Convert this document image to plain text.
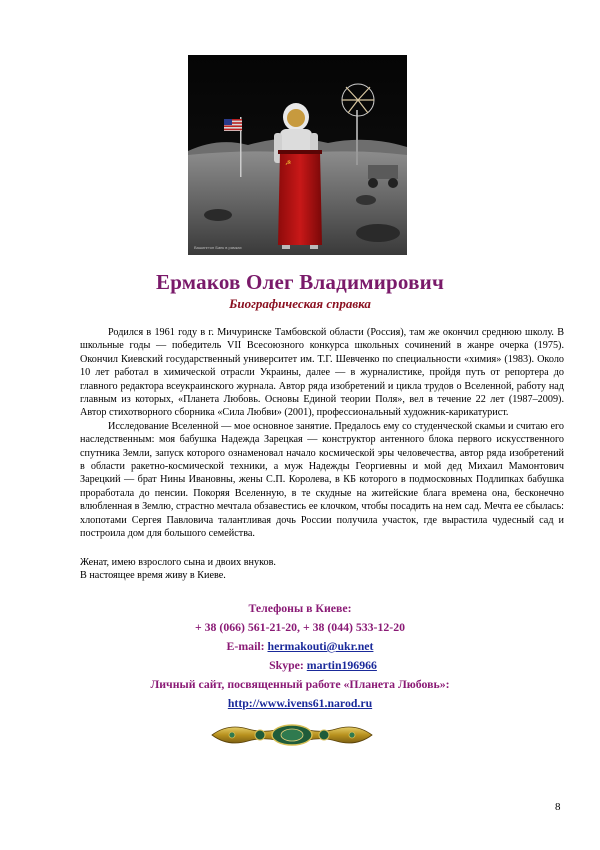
☭
Вашингтон Банк в рамках
Ермаков Олег Владимирович
Биографическая справка

Родился в 1961 году в г. Мичуринске Тамбовской области (Россия), там же окончил среднюю школу. В школьные годы — победитель VII Всесоюзного конкурса школьных сочинений в жанре очерка (1975). Окончил Киевский государственный университет им. Т.Г. Шевченко по специальности «химия» (1983). Около 10 лет работал в химической отрасли Украины, далее — в журналистике, пройдя путь от репортера до главного редактора всеукраинского журнала. Автор ряда изобретений и цикла трудов о Вселенной, работу над главным из которых, «Планета Любовь. Основы Единой теории Поля», вел в течение 22 лет (1987–2009). Автор стихотворного сборника «Сила Любви» (2001), профессиональный художник-карикатурист.

Исследование Вселенной — мое основное занятие. Предалось ему со студенческой скамьи и считаю его наследственным: моя бабушка Надежда Зарецкая — конструктор антенного блока первого искусственного спутника Земли, запуск которого ознаменовал начало космической эры человечества, автор ряда изобретений в области ракетно-космической техники, а муж Надежды Георгиевны и мой дед Михаил Мамонтович Зарецкий — брат Нины Ивановны, жены С.П. Королева, в КБ которого в подмосковных Подлипках бабушка проработала до пенсии. Покоряя Вселенную, в те скудные на житейские блага времена она, бесконечно влюбленная в Землю, страстно мечтала обзавестись ее клочком, чтобы посадить на нем сад. Мечта ее сбылась: хлопотами Сергея Павловича талантливая дочь России получила участок, где вырастила чудесный сад и построила дом для большого семейства.

Женат, имею взрослого сына и двоих внуков.

В настоящее время живу в Киеве.

Телефоны в Киеве:
+ 38 (066) 561-21-20, + 38 (044) 533-12-20
E-mail: hermakouti@ukr.net
Skype: martin196966
Личный сайт, посвященный работе «Планета Любовь»:
http://www.ivens61.narod.ru
8
